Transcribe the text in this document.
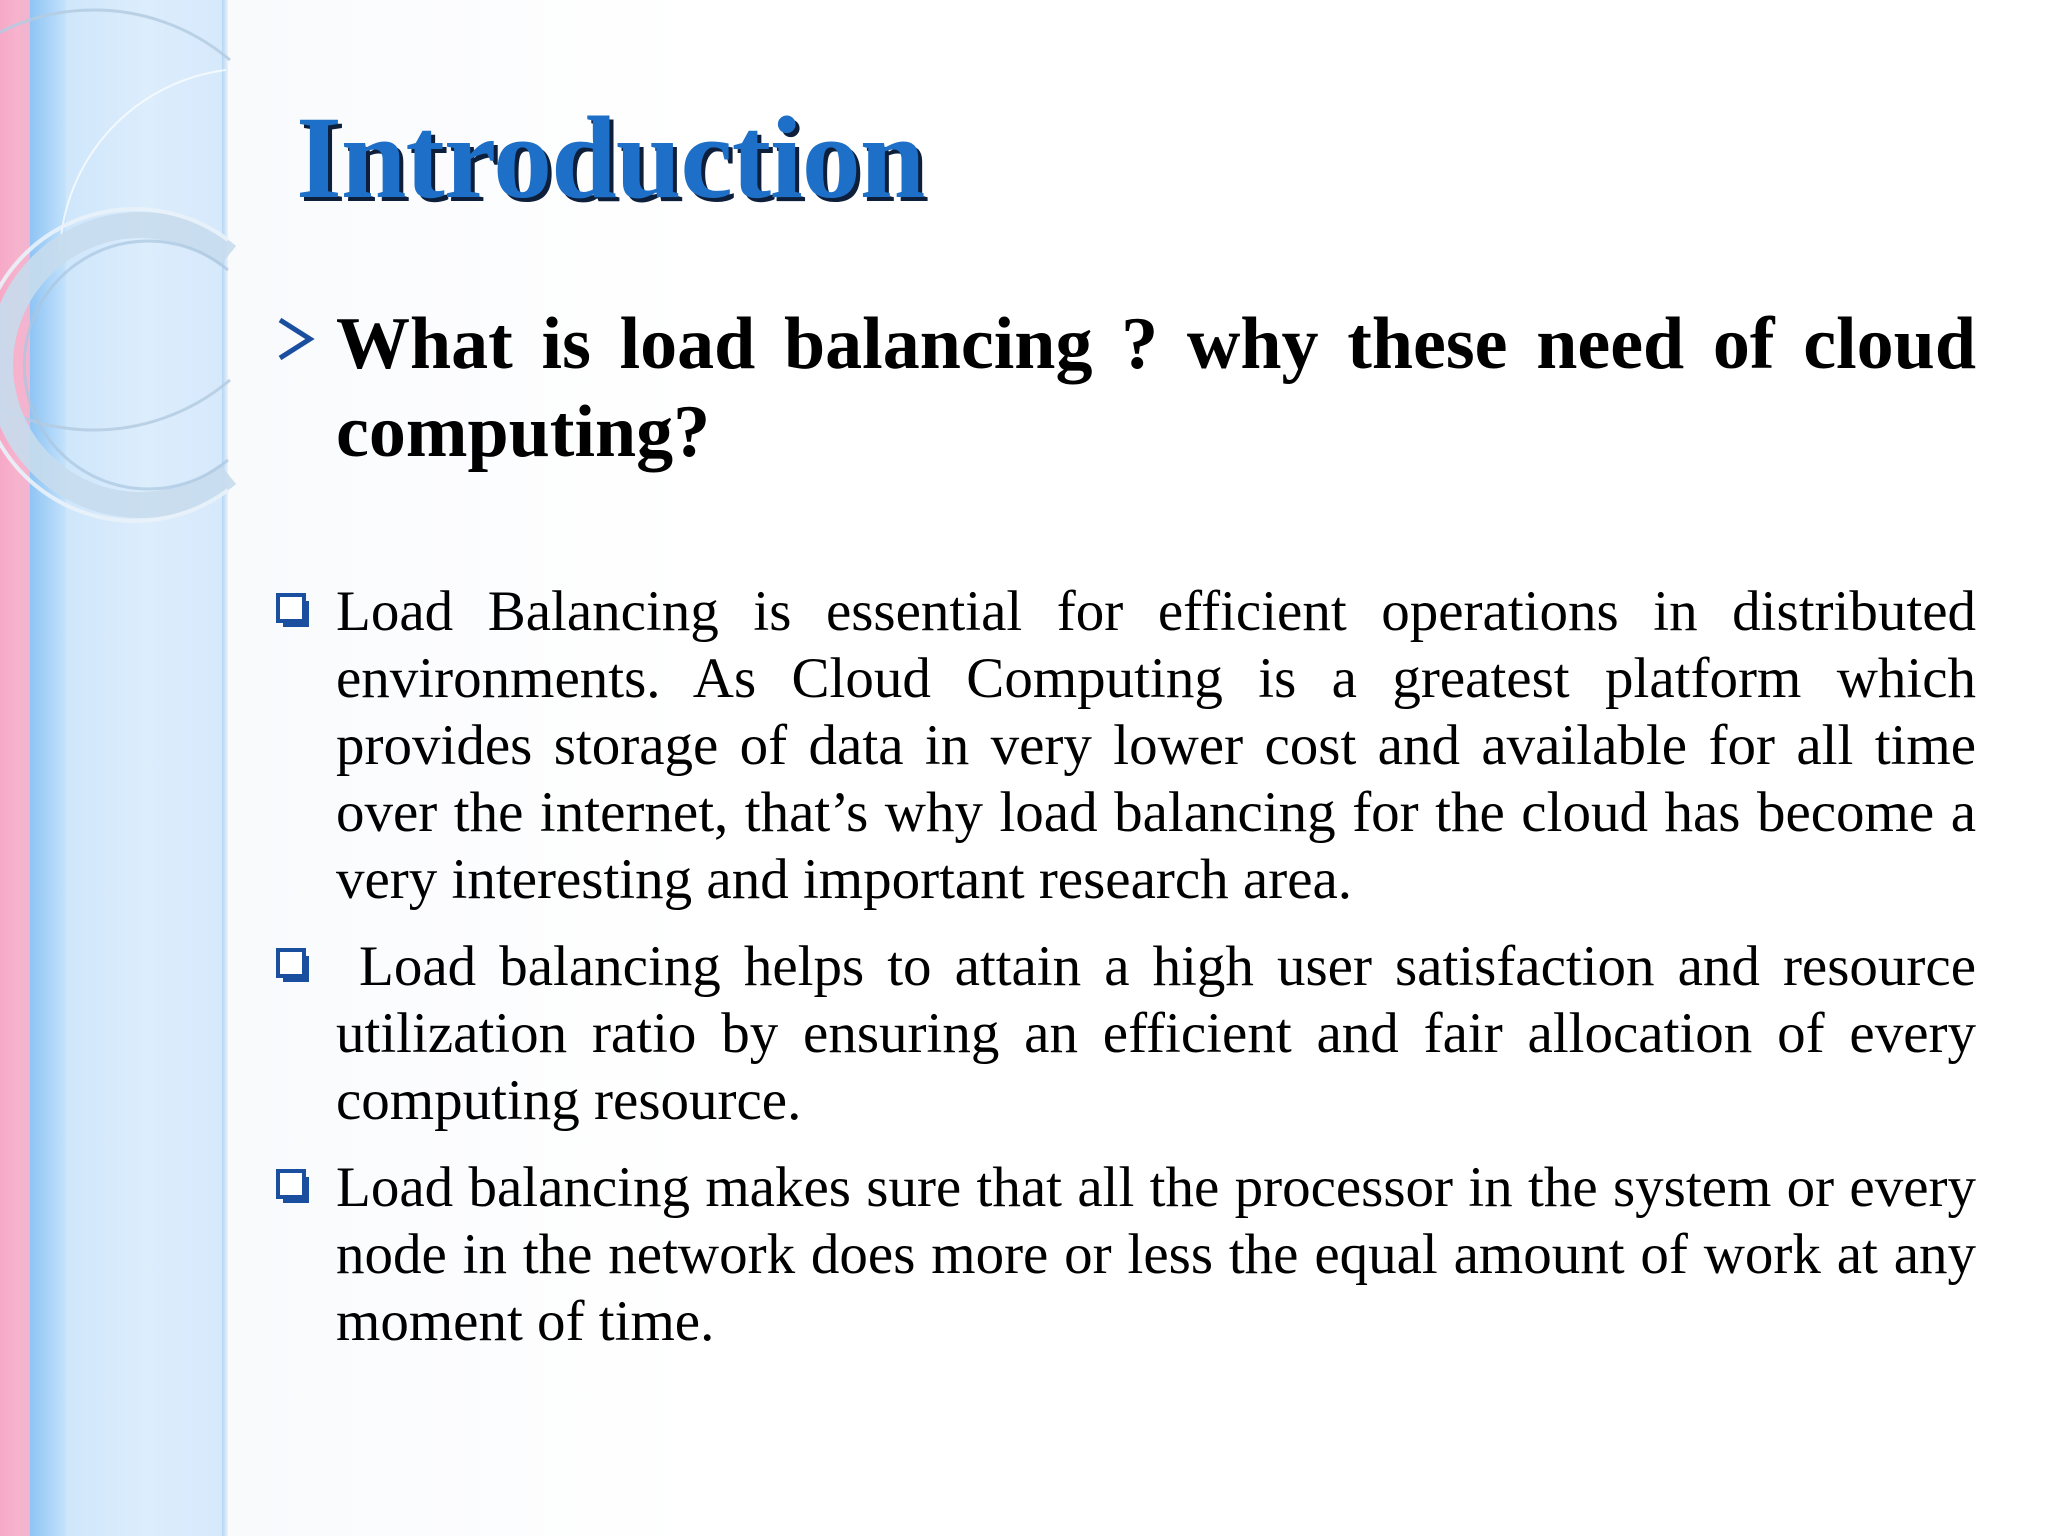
Introduction

What is load balancing ? why these need of cloud computing?

Load Balancing is essential for efficient operations in distributed environments. As Cloud Computing is a greatest platform which provides storage of data in very lower cost and available for all time over the internet, that’s why load balancing for the cloud has become a very interesting and important research area.

Load balancing helps to attain a high user satisfaction and resource utilization ratio by ensuring an efficient and fair allocation of every computing resource.

Load balancing makes sure that all the processor in the system or every node in the network does more or less the equal amount of work at any moment of time.
